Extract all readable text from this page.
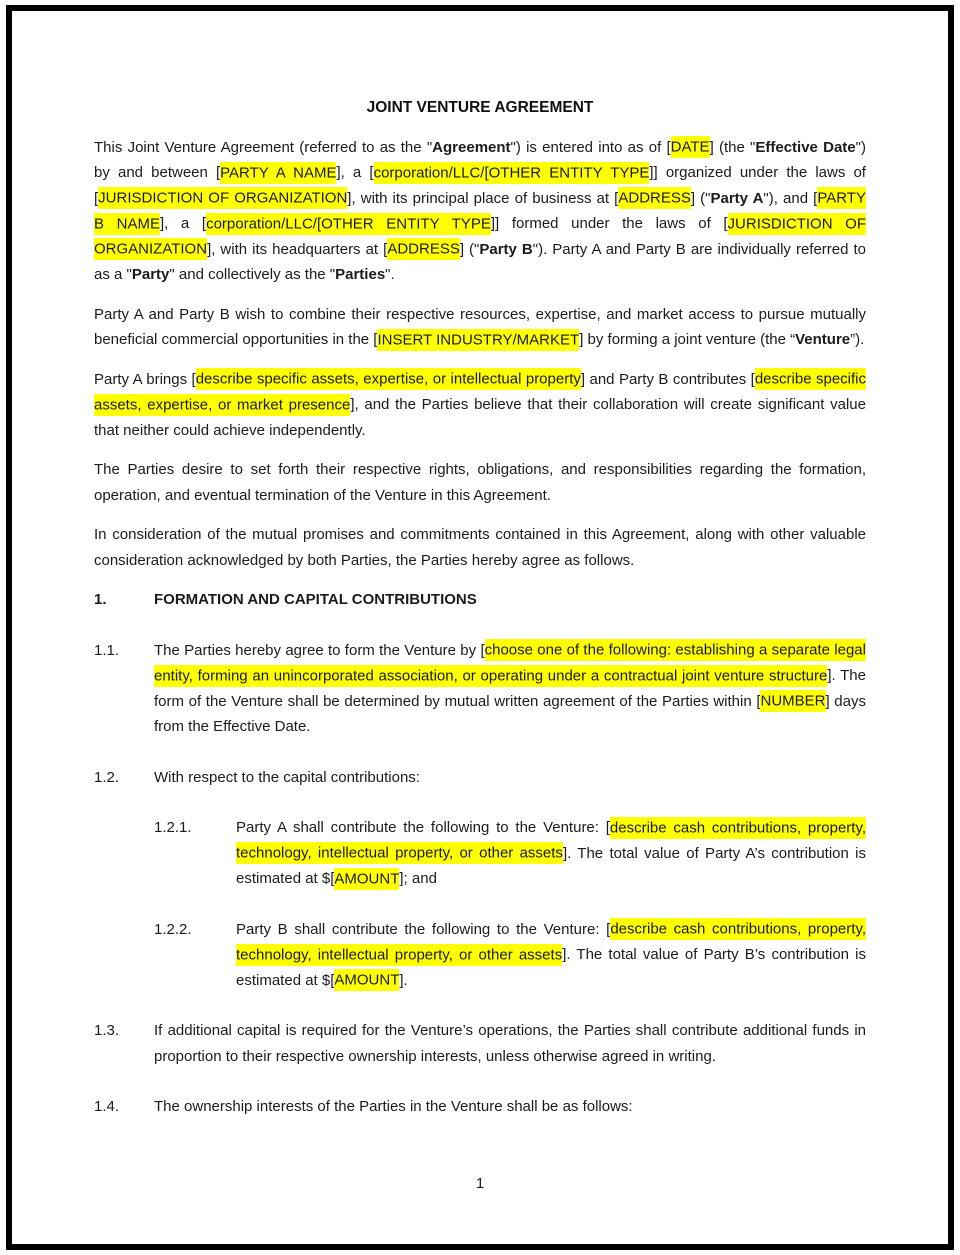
JOINT VENTURE AGREEMENT

This Joint Venture Agreement (referred to as the "Agreement") is entered into as of [DATE] (the "Effective Date") by and between [PARTY A NAME], a [corporation/LLC/[OTHER ENTITY TYPE]] organized under the laws of [JURISDICTION OF ORGANIZATION], with its principal place of business at [ADDRESS] ("Party A"), and [PARTY B NAME], a [corporation/LLC/[OTHER ENTITY TYPE]] formed under the laws of [JURISDICTION OF ORGANIZATION], with its headquarters at [ADDRESS] ("Party B"). Party A and Party B are individually referred to as a "Party" and collectively as the "Parties".

Party A and Party B wish to combine their respective resources, expertise, and market access to pursue mutually beneficial commercial opportunities in the [INSERT INDUSTRY/MARKET] by forming a joint venture (the “Venture”).

Party A brings [describe specific assets, expertise, or intellectual property] and Party B contributes [describe specific assets, expertise, or market presence], and the Parties believe that their collaboration will create significant value that neither could achieve independently.

The Parties desire to set forth their respective rights, obligations, and responsibilities regarding the formation, operation, and eventual termination of the Venture in this Agreement.

In consideration of the mutual promises and commitments contained in this Agreement, along with other valuable consideration acknowledged by both Parties, the Parties hereby agree as follows.

1.	FORMATION AND CAPITAL CONTRIBUTIONS
1.1.	The Parties hereby agree to form the Venture by [choose one of the following: establishing a separate legal entity, forming an unincorporated association, or operating under a contractual joint venture structure]. The form of the Venture shall be determined by mutual written agreement of the Parties within [NUMBER] days from the Effective Date.
1.2.	With respect to the capital contributions:
1.2.1.	Party A shall contribute the following to the Venture: [describe cash contributions, property, technology, intellectual property, or other assets]. The total value of Party A’s contribution is estimated at $[AMOUNT]; and
1.2.2.	Party B shall contribute the following to the Venture: [describe cash contributions, property, technology, intellectual property, or other assets]. The total value of Party B’s contribution is estimated at $[AMOUNT].
1.3.	If additional capital is required for the Venture’s operations, the Parties shall contribute additional funds in proportion to their respective ownership interests, unless otherwise agreed in writing.
1.4.	The ownership interests of the Parties in the Venture shall be as follows:
1
